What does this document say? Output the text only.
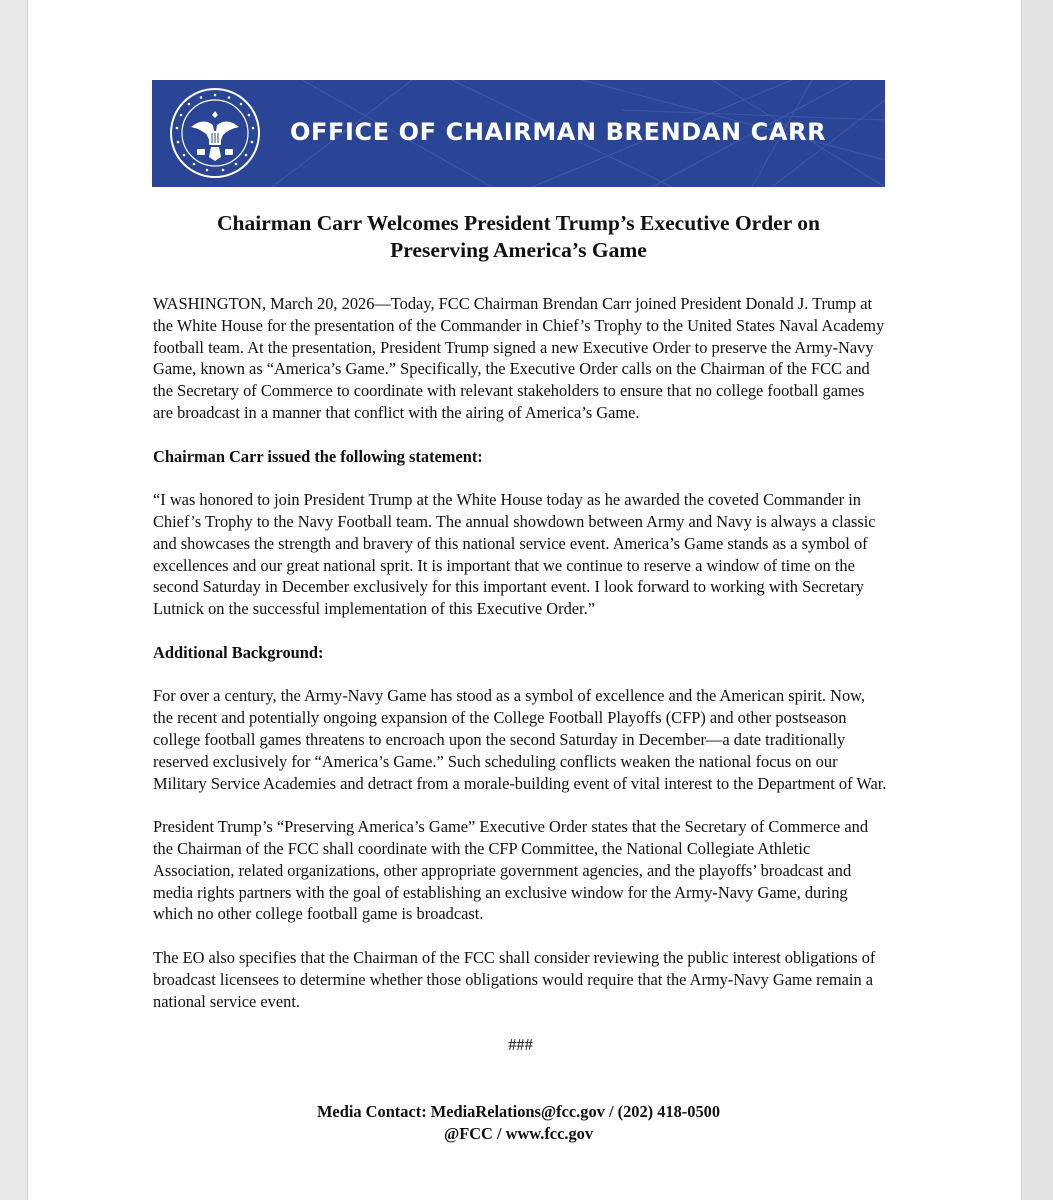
OFFICE OF CHAIRMAN BRENDAN CARR
Chairman Carr Welcomes President Trump’s Executive Order on
Preserving America’s Game

WASHINGTON, March 20, 2026—Today, FCC Chairman Brendan Carr joined President Donald J. Trump at the White House for the presentation of the Commander in Chief’s Trophy to the United States Naval Academy football team. At the presentation, President Trump signed a new Executive Order to preserve the Army-Navy Game, known as “America’s Game.” Specifically, the Executive Order calls on the Chairman of the FCC and the Secretary of Commerce to coordinate with relevant stakeholders to ensure that no college football games are broadcast in a manner that conflict with the airing of America’s Game.

Chairman Carr issued the following statement:

“I was honored to join President Trump at the White House today as he awarded the coveted Commander in Chief’s Trophy to the Navy Football team. The annual showdown between Army and Navy is always a classic and showcases the strength and bravery of this national service event. America’s Game stands as a symbol of excellences and our great national sprit. It is important that we continue to reserve a window of time on the second Saturday in December exclusively for this important event. I look forward to working with Secretary Lutnick on the successful implementation of this Executive Order.”

Additional Background:

For over a century, the Army-Navy Game has stood as a symbol of excellence and the American spirit. Now, the recent and potentially ongoing expansion of the College Football Playoffs (CFP) and other postseason college football games threatens to encroach upon the second Saturday in December—a date traditionally reserved exclusively for “America’s Game.” Such scheduling conflicts weaken the national focus on our Military Service Academies and detract from a morale-building event of vital interest to the Department of War.

President Trump’s “Preserving America’s Game” Executive Order states that the Secretary of Commerce and the Chairman of the FCC shall coordinate with the CFP Committee, the National Collegiate Athletic Association, related organizations, other appropriate government agencies, and the playoffs’ broadcast and media rights partners with the goal of establishing an exclusive window for the Army-Navy Game, during which no other college football game is broadcast.

The EO also specifies that the Chairman of the FCC shall consider reviewing the public interest obligations of broadcast licensees to determine whether those obligations would require that the Army-Navy Game remain a national service event.

###

Media Contact: MediaRelations@fcc.gov / (202) 418-0500
@FCC / www.fcc.gov
